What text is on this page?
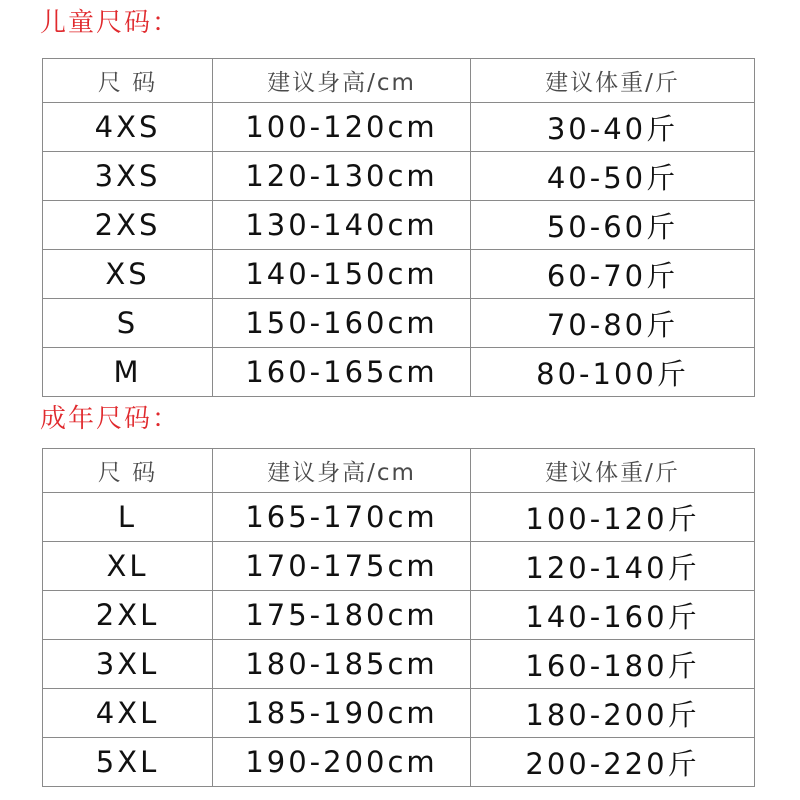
儿童尺码：
尺 码	建议身高/cm	建议体重/斤
4XS	100-120cm	30-40斤
3XS	120-130cm	40-50斤
2XS	130-140cm	50-60斤
XS	140-150cm	60-70斤
S	150-160cm	70-80斤
M	160-165cm	80-100斤
成年尺码：
尺 码	建议身高/cm	建议体重/斤
L	165-170cm	100-120斤
XL	170-175cm	120-140斤
2XL	175-180cm	140-160斤
3XL	180-185cm	160-180斤
4XL	185-190cm	180-200斤
5XL	190-200cm	200-220斤
